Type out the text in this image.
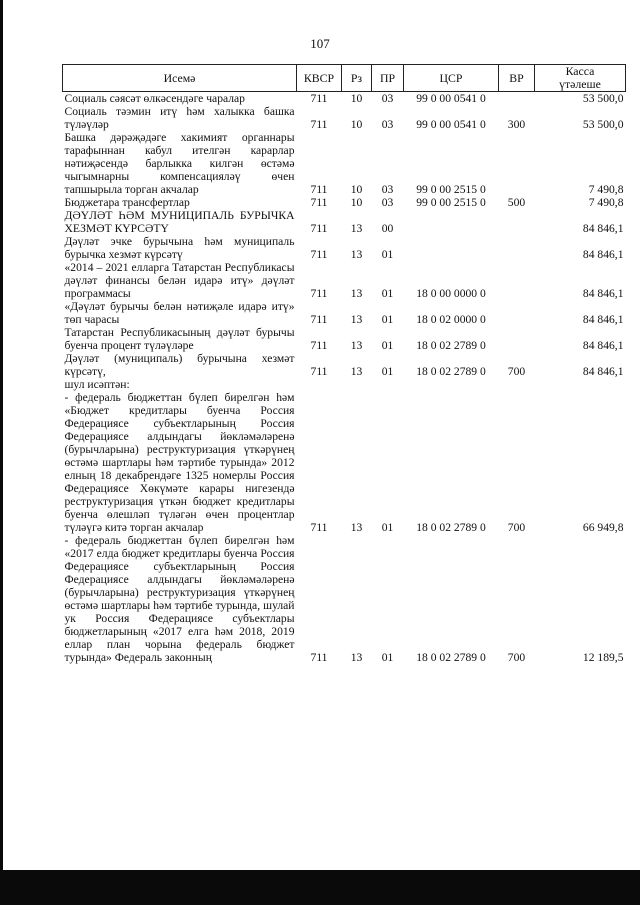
107
Исемә	КВСР	Рз	ПР	ЦСР	ВР	Касса
үтәлеше
Социаль сәясәт өлкәсендәге чаралар	711	10	03	99 0 00 0541 0		53 500,0
Социаль тәэмин итү һәм халыкка башка түләүләр	711	10	03	99 0 00 0541 0	300	53 500,0
Башка дәрәҗәдәге хакимият органнары тарафыннан кабул ителгән карарлар нәтиҗәсендә барлыкка килгән өстәмә чыгымнарны компенсацияләү өчен тапшырыла торган акчалар	711	10	03	99 0 00 2515 0		7 490,8
Бюджетара трансфертлар	711	10	03	99 0 00 2515 0	500	7 490,8
ДӘҮЛӘТ ҺӘМ МУНИЦИПАЛЬ БУРЫЧКА ХЕЗМӘТ КҮРСӘТҮ	711	13	00			84 846,1
Дәүләт эчке бурычына һәм муниципаль бурычка хезмәт күрсәтү	711	13	01			84 846,1
«2014 – 2021 елларга Татарстан Республикасы дәүләт финансы белән идарә итү» дәүләт программасы	711	13	01	18 0 00 0000 0		84 846,1
«Дәүләт бурычы белән нәтиҗәле идарә итү» төп чарасы	711	13	01	18 0 02 0000 0		84 846,1
Татарстан Республикасының дәүләт бурычы буенча процент түләүләре	711	13	01	18 0 02 2789 0		84 846,1
Дәүләт (муниципаль) бурычына хезмәт күрсәтү,	711	13	01	18 0 02 2789 0	700	84 846,1
шул исәптән:						
- федераль бюджеттан бүлеп бирелгән һәм «Бюджет кредитлары буенча Россия Федерациясе субъектларының Россия Федерациясе алдындагы йөкләмәләренә (бурычларына) реструктуризация үткәрүнең өстәмә шартлары һәм тәртибе турында» 2012 елның 18 декабрендәге 1325 номерлы Россия Федерациясе Хөкүмәте карары нигезендә реструктуризация үткән бюджет кредитлары буенча өлешләп түләгән өчен процентлар түләүгә китә торган акчалар	711	13	01	18 0 02 2789 0	700	66 949,8
- федераль бюджеттан бүлеп бирелгән һәм «2017 елда бюджет кредитлары буенча Россия Федерациясе субъектларының Россия Федерациясе алдындагы йөкләмәләренә (бурычларына) реструктуризация үткәрүнең өстәмә шартлары һәм тәртибе турында, шулай ук Россия Федерациясе субъектлары бюджетларының «2017 елга һәм 2018, 2019 еллар план чорына федераль бюджет турында» Федераль законның	711	13	01	18 0 02 2789 0	700	12 189,5
